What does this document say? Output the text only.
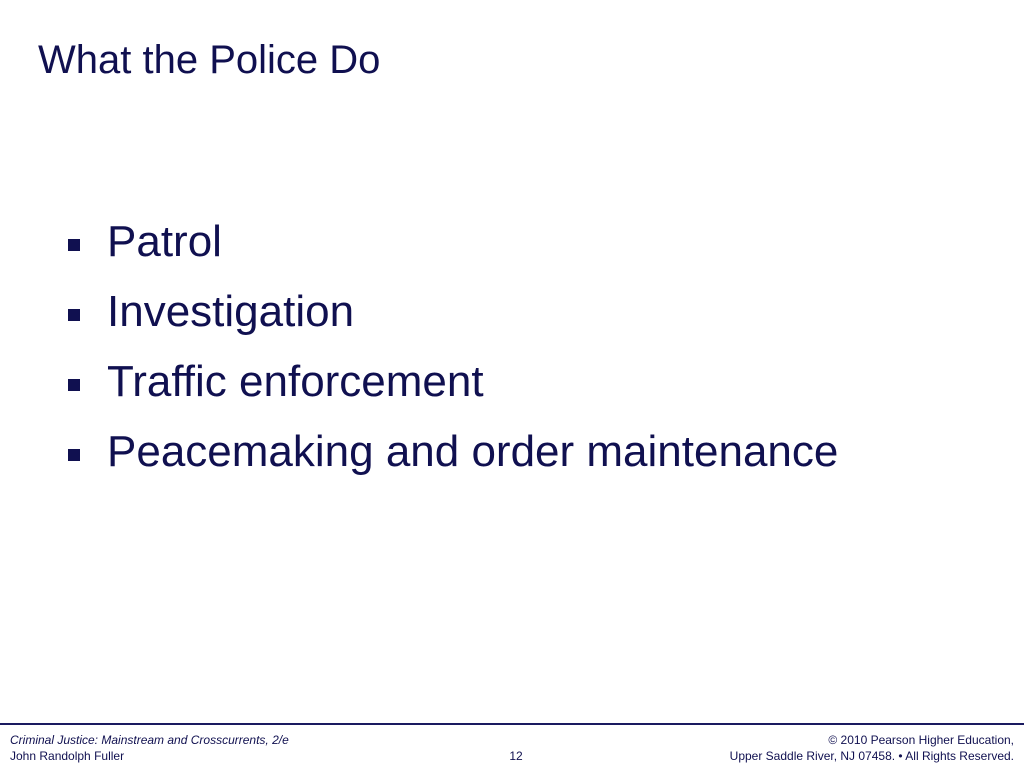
What the Police Do
Patrol
Investigation
Traffic enforcement
Peacemaking and order maintenance
Criminal Justice: Mainstream and Crosscurrents, 2/e
John Randolph Fuller	12
© 2010 Pearson Higher Education,
Upper Saddle River, NJ 07458. • All Rights Reserved.
